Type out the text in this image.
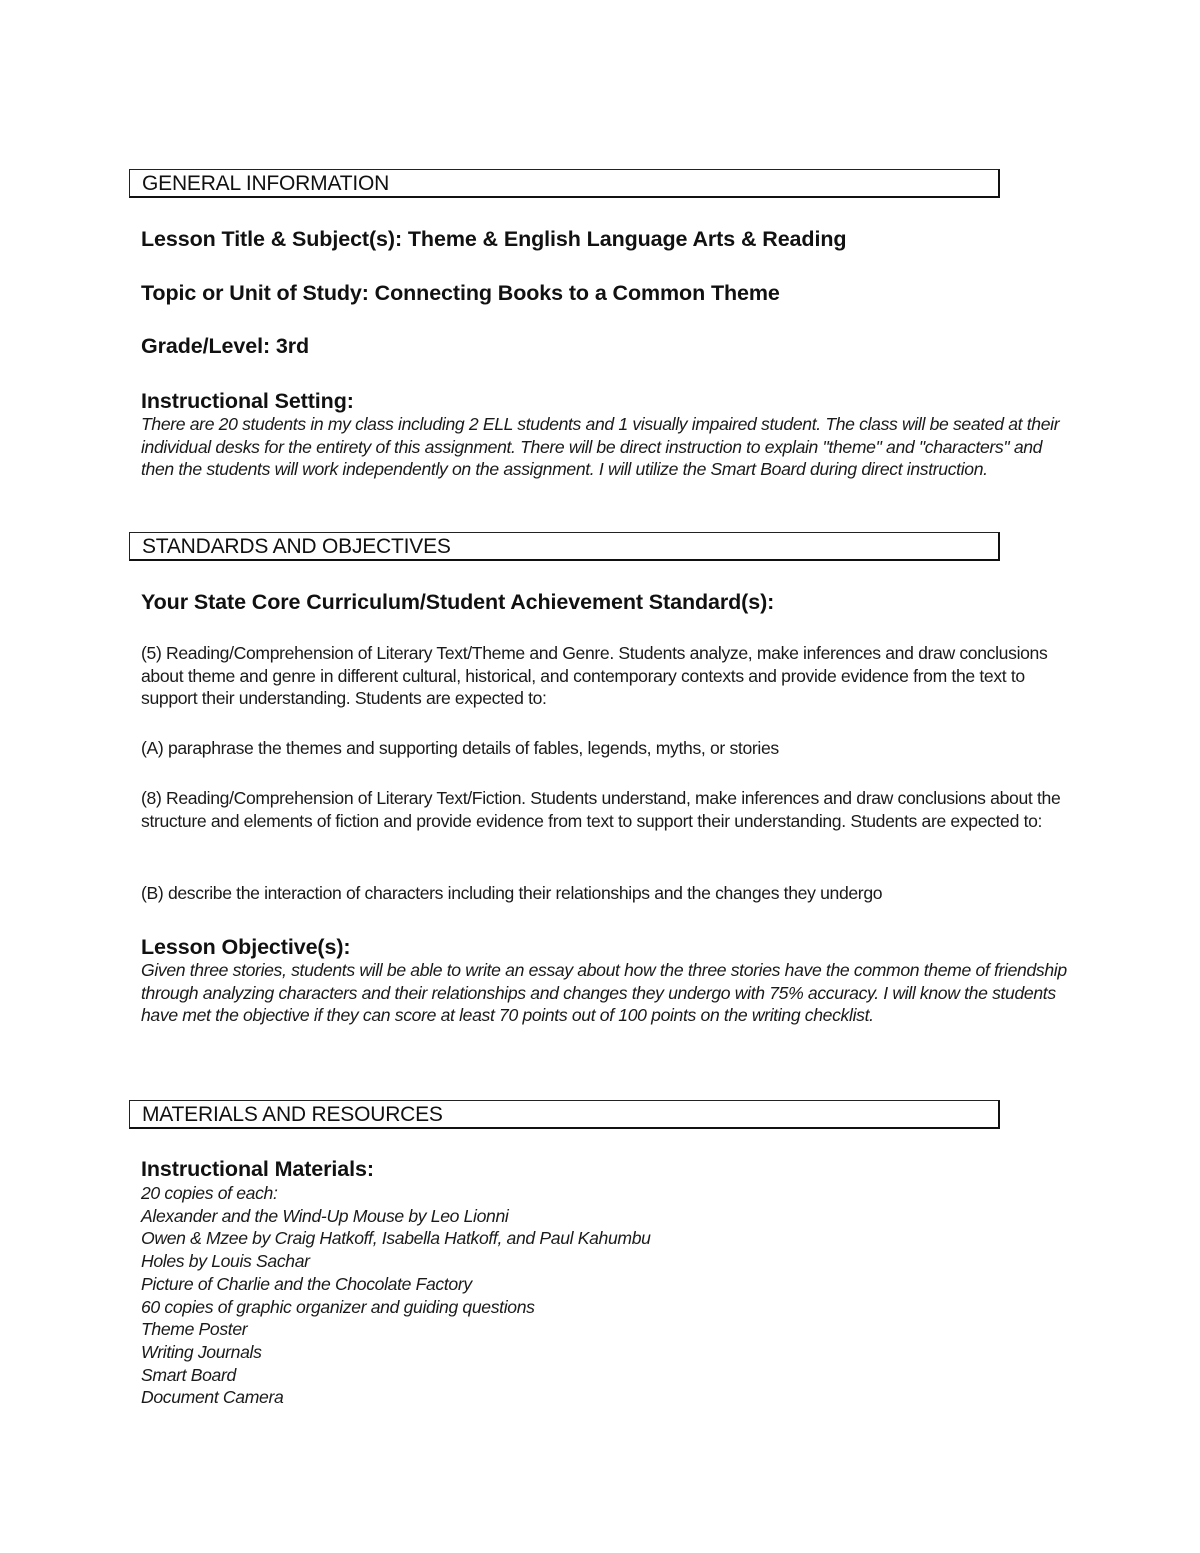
GENERAL INFORMATION
Lesson Title & Subject(s): Theme & English Language Arts & Reading
Topic or Unit of Study: Connecting Books to a Common Theme
Grade/Level: 3rd
Instructional Setting:
There are 20 students in my class including 2 ELL students and 1 visually impaired student. The class will be seated at their individual desks for the entirety of this assignment. There will be direct instruction to explain "theme" and "characters" and then the students will work independently on the assignment. I will utilize the Smart Board during direct instruction.
STANDARDS AND OBJECTIVES
Your State Core Curriculum/Student Achievement Standard(s):
(5) Reading/Comprehension of Literary Text/Theme and Genre. Students analyze, make inferences and draw conclusions about theme and genre in different cultural, historical, and contemporary contexts and provide evidence from the text to support their understanding. Students are expected to:
(A) paraphrase the themes and supporting details of fables, legends, myths, or stories
(8) Reading/Comprehension of Literary Text/Fiction. Students understand, make inferences and draw conclusions about the structure and elements of fiction and provide evidence from text to support their understanding. Students are expected to:
(B) describe the interaction of characters including their relationships and the changes they undergo
Lesson Objective(s):
Given three stories, students will be able to write an essay about how the three stories have the common theme of friendship through analyzing characters and their relationships and changes they undergo with 75% accuracy. I will know the students have met the objective if they can score at least 70 points out of 100 points on the writing checklist.
MATERIALS AND RESOURCES
Instructional Materials:
20 copies of each:
Alexander and the Wind-Up Mouse by Leo Lionni
Owen & Mzee by Craig Hatkoff, Isabella Hatkoff, and Paul Kahumbu
Holes by Louis Sachar
Picture of Charlie and the Chocolate Factory
60 copies of graphic organizer and guiding questions
Theme Poster
Writing Journals
Smart Board
Document Camera
